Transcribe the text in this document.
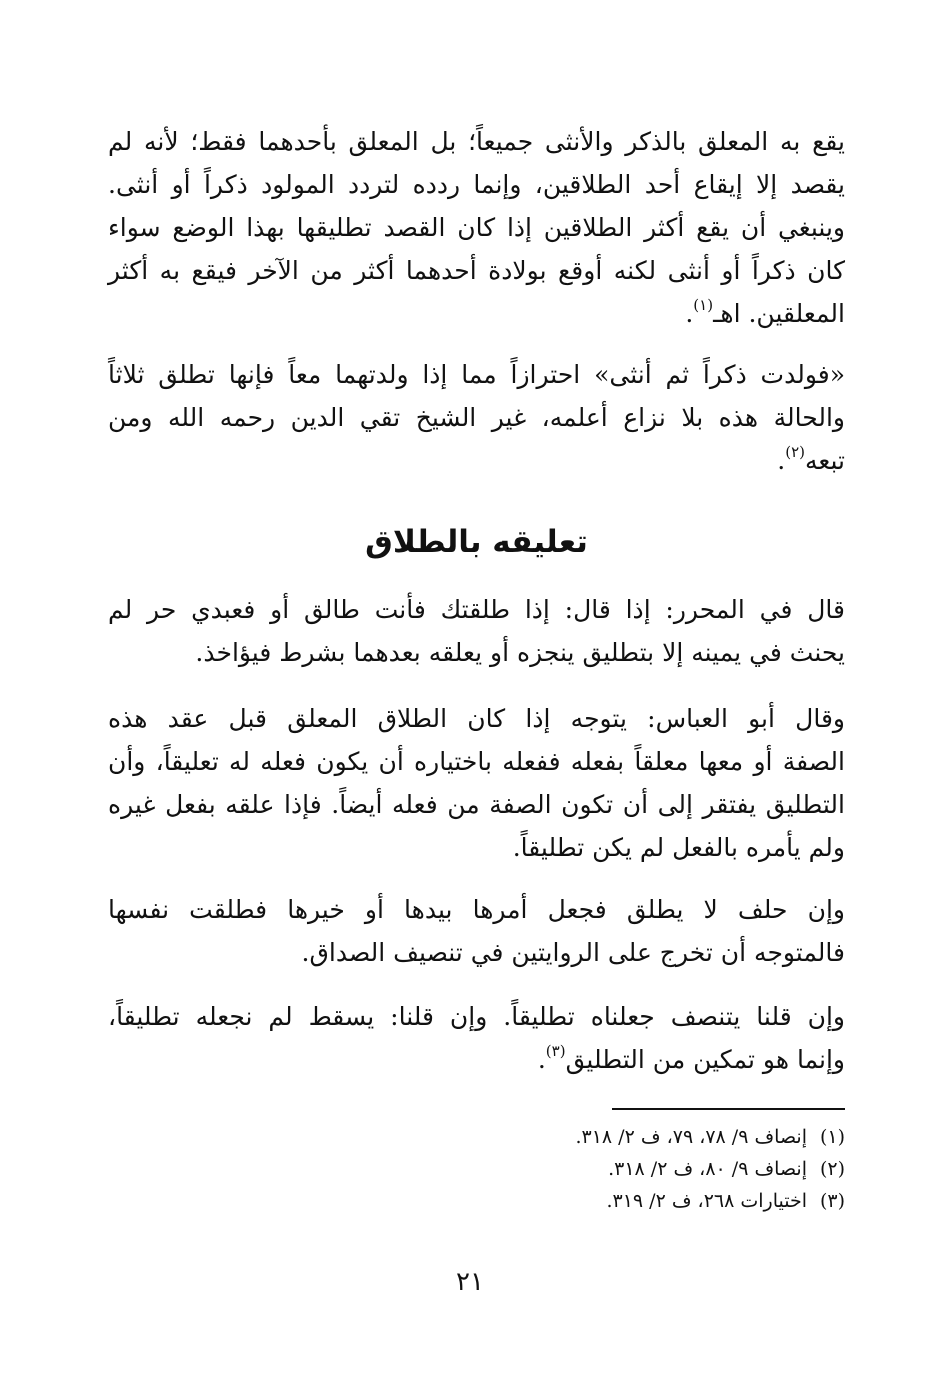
يقع به المعلق بالذكر والأنثى جميعاً؛ بل المعلق بأحدهما فقط؛ لأنه لم
يقصد إلا إيقاع أحد الطلاقين، وإنما ردده لتردد المولود ذكراً أو أنثى.
وينبغي أن يقع أكثر الطلاقين إذا كان القصد تطليقها بهذا الوضع سواء
كان ذكراً أو أنثى لكنه أوقع بولادة أحدهما أكثر من الآخر فيقع به أكثر
المعلقين. اهـ$^{(١)}$.
«فولدت ذكراً ثم أنثى» احترازاً مما إذا ولدتهما معاً فإنها تطلق ثلاثاً
والحالة هذه بلا نزاع أعلمه، غير الشيخ تقي الدين رحمه الله ومن
تبعه$^{(٢)}$.
تعليقه بالطلاق
قال في المحرر: إذا قال: إذا طلقتك فأنت طالق أو فعبدي حر لم
يحنث في يمينه إلا بتطليق ينجزه أو يعلقه بعدهما بشرط فيؤاخذ.
وقال أبو العباس: يتوجه إذا كان الطلاق المعلق قبل عقد هذه
الصفة أو معها معلقاً بفعله ففعله باختياره أن يكون فعله له تعليقاً، وأن
التطليق يفتقر إلى أن تكون الصفة من فعله أيضاً. فإذا علقه بفعل غيره
ولم يأمره بالفعل لم يكن تطليقاً.
وإن حلف لا يطلق فجعل أمرها بيدها أو خيرها فطلقت نفسها
فالمتوجه أن تخرج على الروايتين في تنصيف الصداق.
وإن قلنا يتنصف جعلناه تطليقاً. وإن قلنا: يسقط لم نجعله تطليقاً،
وإنما هو تمكين من التطليق$^{(٣)}$.
(١)إنصاف ٩/ ٧٨، ٧٩، ف ٢/ ٣١٨.
(٢)إنصاف ٩/ ٨٠، ف ٢/ ٣١٨.
(٣)اختيارات ٢٦٨، ف ٢/ ٣١٩.
٢١
